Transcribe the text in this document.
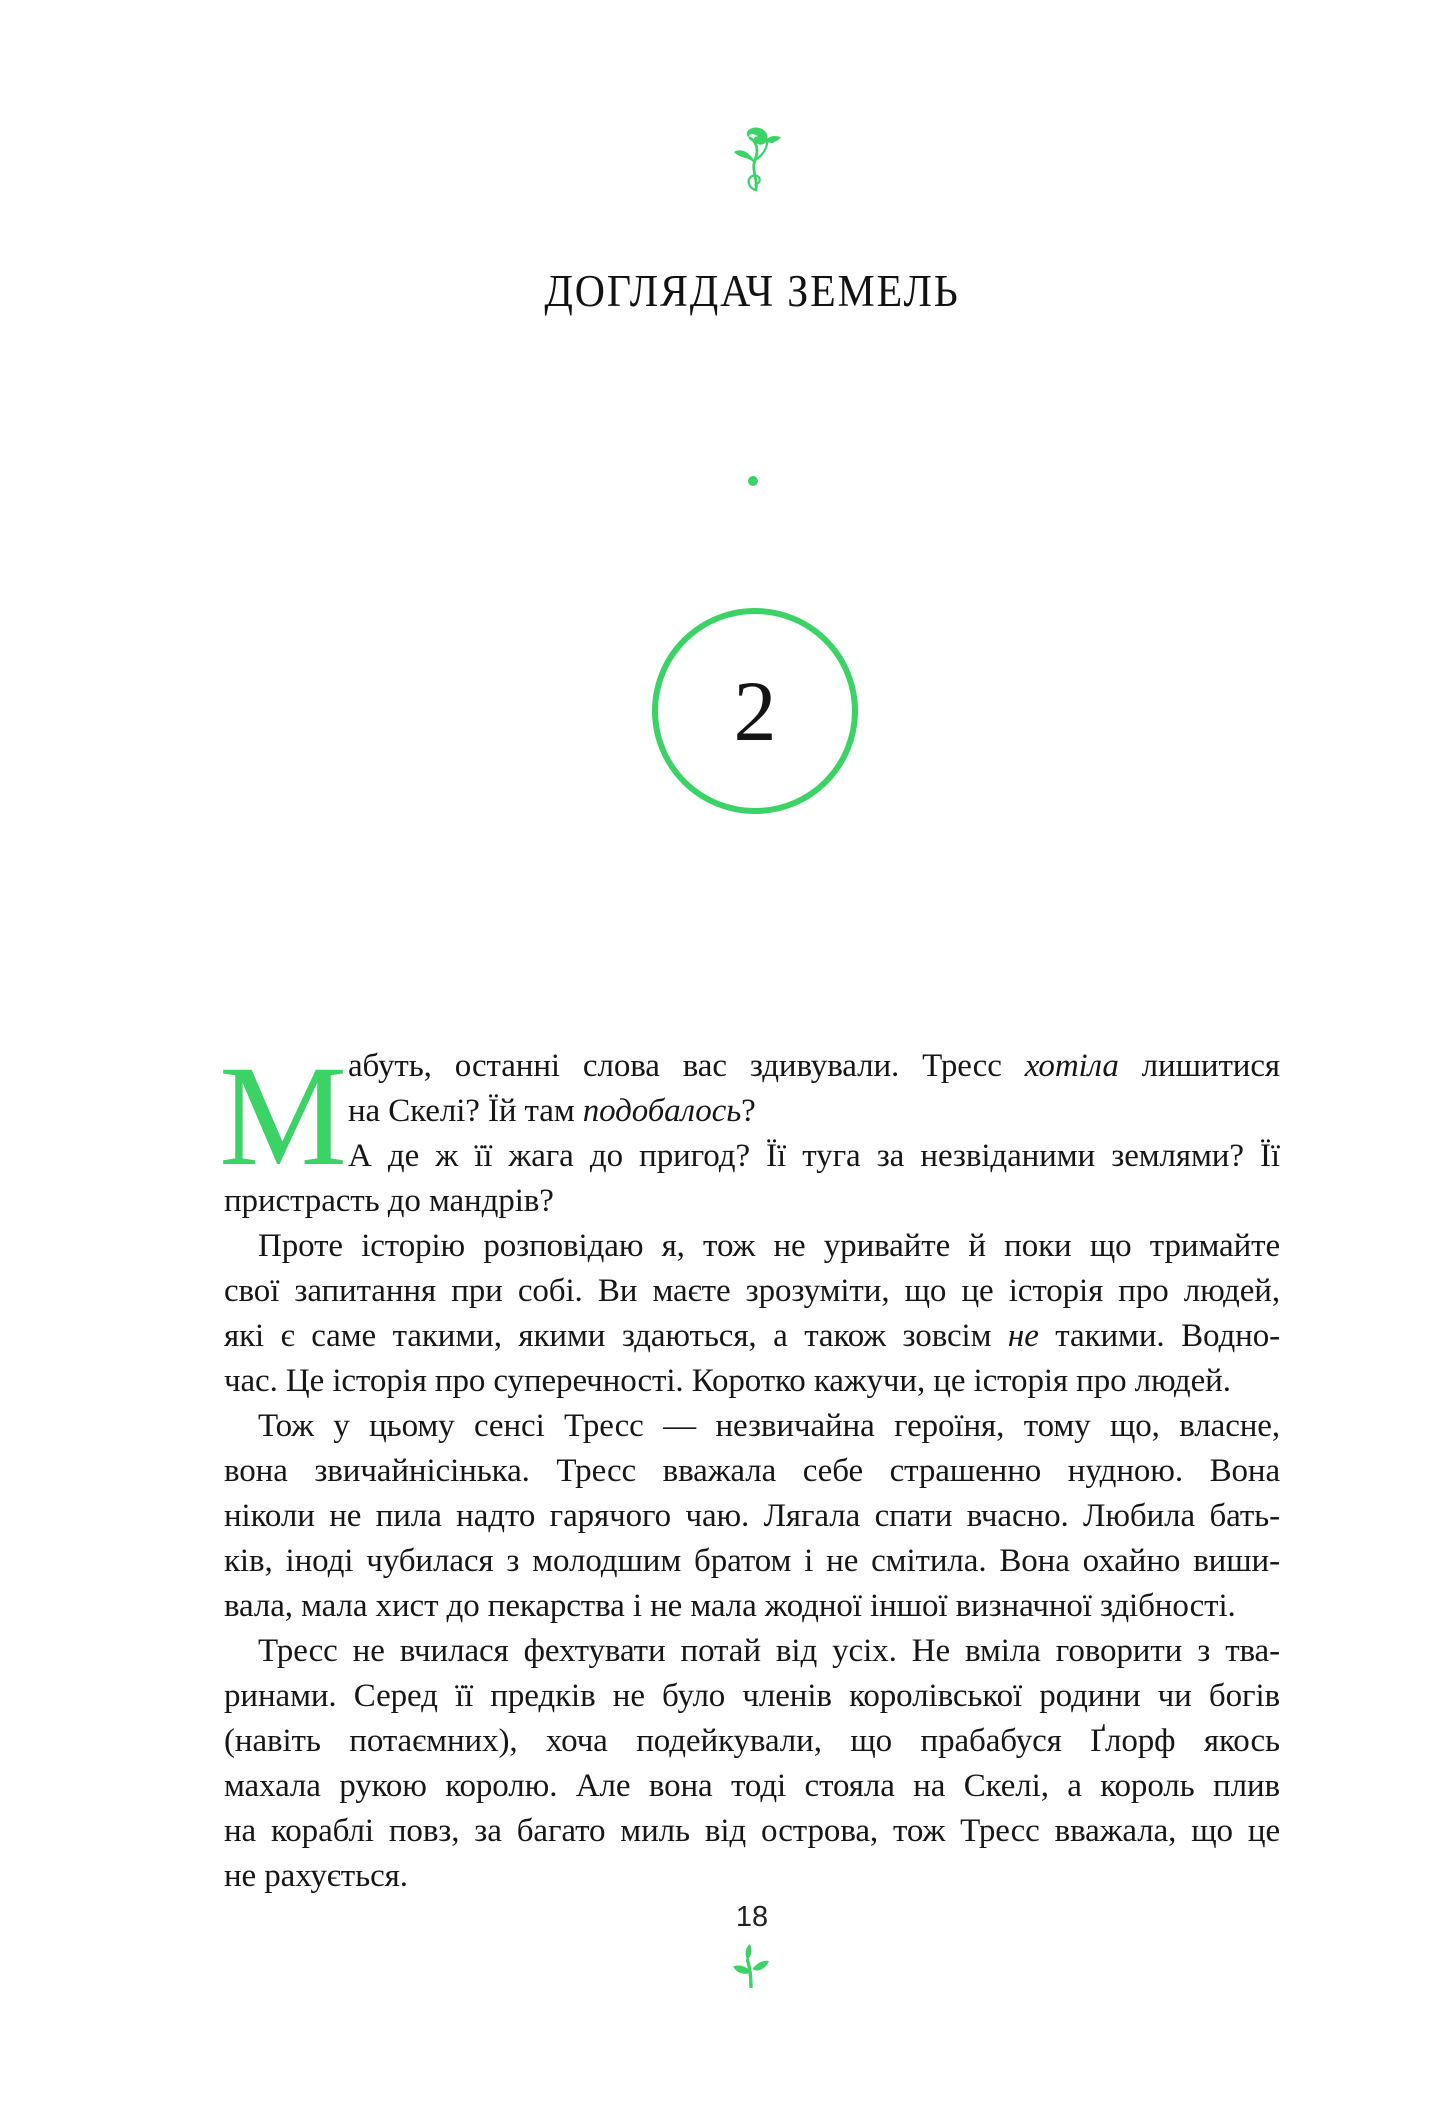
ДОГЛЯДАЧ ЗЕМЕЛЬ
2
М абуть, останні слова вас здивували. Тресс хотіла лишитися
на Скелі? Їй там подобалось?
А де ж її жага до пригод? Її туга за незвіданими землями? Її
пристрасть до мандрів?
Проте історію розповідаю я, тож не уривайте й поки що тримайте
свої запитання при собі. Ви маєте зрозуміти, що це історія про людей,
які є саме такими, якими здаються, а також зовсім не такими. Водно-
час. Це історія про суперечності. Коротко кажучи, це історія про людей.
Тож у цьому сенсі Тресс — незвичайна героїня, тому що, власне,
вона звичайнісінька. Тресс вважала себе страшенно нудною. Вона
ніколи не пила надто гарячого чаю. Лягала спати вчасно. Любила бать-
ків, іноді чубилася з молодшим братом і не смітила. Вона охайно виши-
вала, мала хист до пекарства і не мала жодної іншої визначної здібності.
Тресс не вчилася фехтувати потай від усіх. Не вміла говорити з тва-
ринами. Серед її предків не було членів королівської родини чи богів
(навіть потаємних), хоча подейкували, що прабабуся Ґлорф якось
махала рукою королю. Але вона тоді стояла на Скелі, а король плив
на кораблі повз, за багато миль від острова, тож Тресс вважала, що це
не рахується.
18
